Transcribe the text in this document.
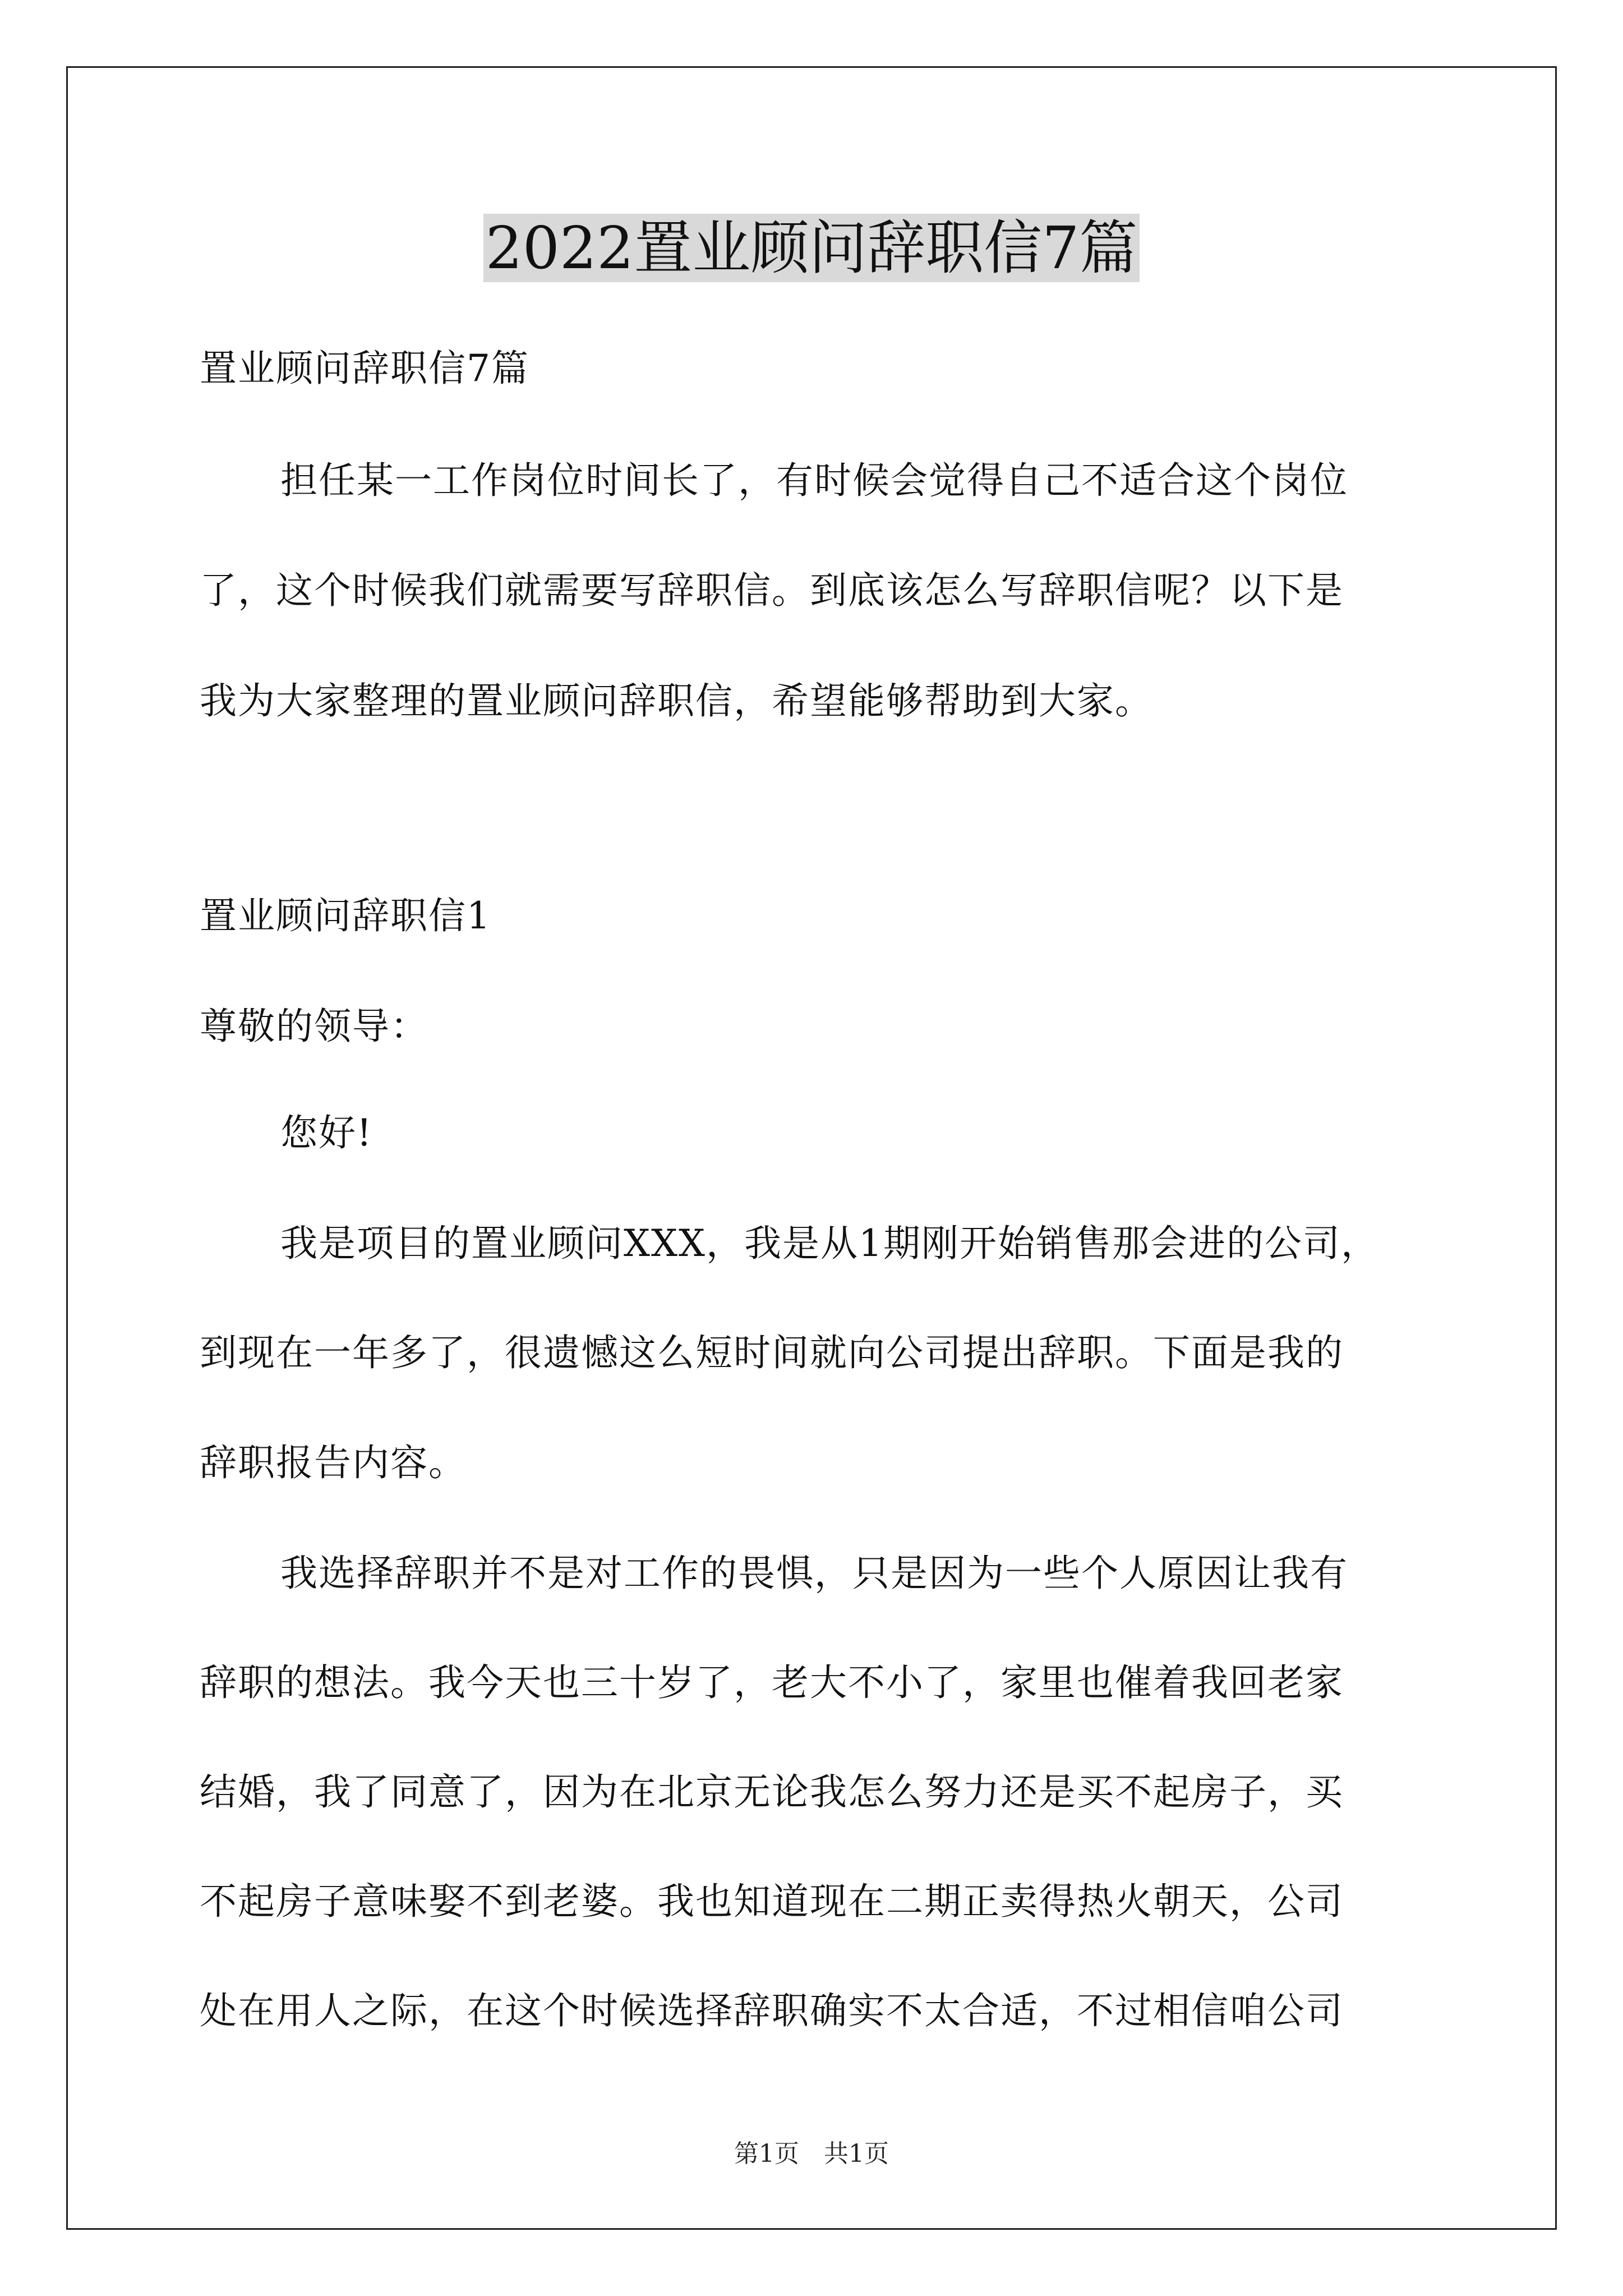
2022置业顾问辞职信7篇
置业顾问辞职信7篇
担任某一工作岗位时间长了，有时候会觉得自己不适合这个岗位
了，这个时候我们就需要写辞职信。到底该怎么写辞职信呢？以下是
我为大家整理的置业顾问辞职信，希望能够帮助到大家。
置业顾问辞职信1
尊敬的领导：
您好!
我是项目的置业顾问XXX，我是从1期刚开始销售那会进的公司，
到现在一年多了，很遗憾这么短时间就向公司提出辞职。下面是我的
辞职报告内容。
我选择辞职并不是对工作的畏惧，只是因为一些个人原因让我有
辞职的想法。我今天也三十岁了，老大不小了，家里也催着我回老家
结婚，我了同意了，因为在北京无论我怎么努力还是买不起房子，买
不起房子意味娶不到老婆。我也知道现在二期正卖得热火朝天，公司
处在用人之际，在这个时候选择辞职确实不太合适，不过相信咱公司
第1页　共1页
